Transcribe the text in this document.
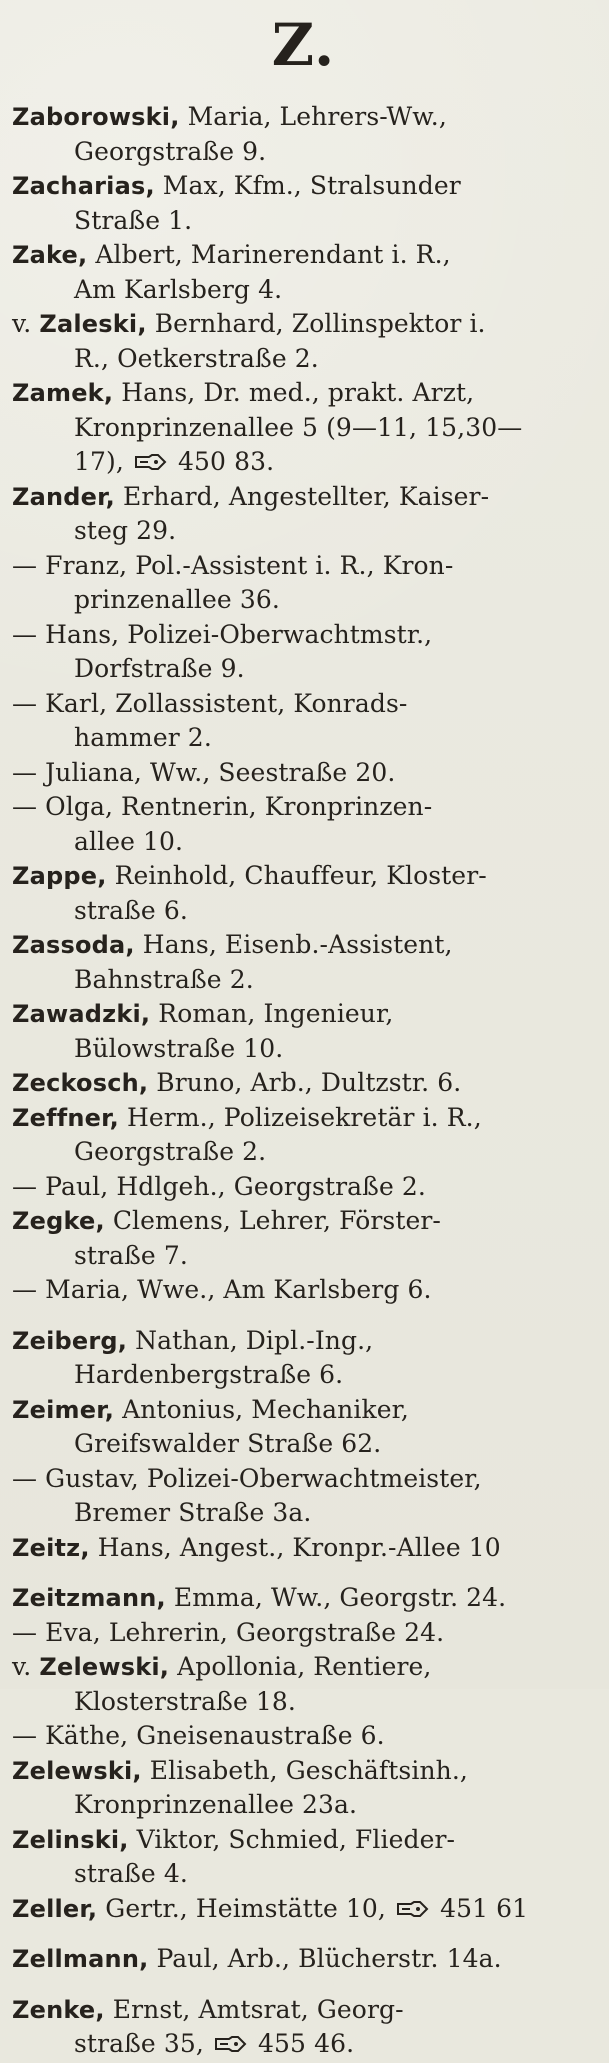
Z.
Zaborowski, Maria, Lehrers-Ww.,
Georgstraße 9.
Zacharias, Max, Kfm., Stralsunder
Straße 1.
Zake, Albert, Marinerendant i. R.,
Am Karlsberg 4.
v. Zaleski, Bernhard, Zollinspektor i.
R., Oetkerstraße 2.
Zamek, Hans, Dr. med., prakt. Arzt,
Kronprinzenallee 5 (9—11, 15,30—
17),  450 83.
Zander, Erhard, Angestellter, Kaiser-
steg 29.
— Franz, Pol.-Assistent i. R., Kron-
prinzenallee 36.
— Hans, Polizei-Oberwachtmstr.,
Dorfstraße 9.
— Karl, Zollassistent, Konrads-
hammer 2.
— Juliana, Ww., Seestraße 20.
— Olga, Rentnerin, Kronprinzen-
allee 10.
Zappe, Reinhold, Chauffeur, Kloster-
straße 6.
Zassoda, Hans, Eisenb.-Assistent,
Bahnstraße 2.
Zawadzki, Roman, Ingenieur,
Bülowstraße 10.
Zeckosch, Bruno, Arb., Dultzstr. 6.
Zeffner, Herm., Polizeisekretär i. R.,
Georgstraße 2.
— Paul, Hdlgeh., Georgstraße 2.
Zegke, Clemens, Lehrer, Förster-
straße 7.
— Maria, Wwe., Am Karlsberg 6.
Zeiberg, Nathan, Dipl.-Ing.,
Hardenbergstraße 6.
Zeimer, Antonius, Mechaniker,
Greifswalder Straße 62.
— Gustav, Polizei-Oberwachtmeister,
Bremer Straße 3a.
Zeitz, Hans, Angest., Kronpr.-Allee 10
Zeitzmann, Emma, Ww., Georgstr. 24.
— Eva, Lehrerin, Georgstraße 24.
v. Zelewski, Apollonia, Rentiere,
Klosterstraße 18.
— Käthe, Gneisenaustraße 6.
Zelewski, Elisabeth, Geschäftsinh.,
Kronprinzenallee 23a.
Zelinski, Viktor, Schmied, Flieder-
straße 4.
Zeller, Gertr., Heimstätte 10,  451 61
Zellmann, Paul, Arb., Blücherstr. 14a.
Zenke, Ernst, Amtsrat, Georg-
straße 35,  455 46.
